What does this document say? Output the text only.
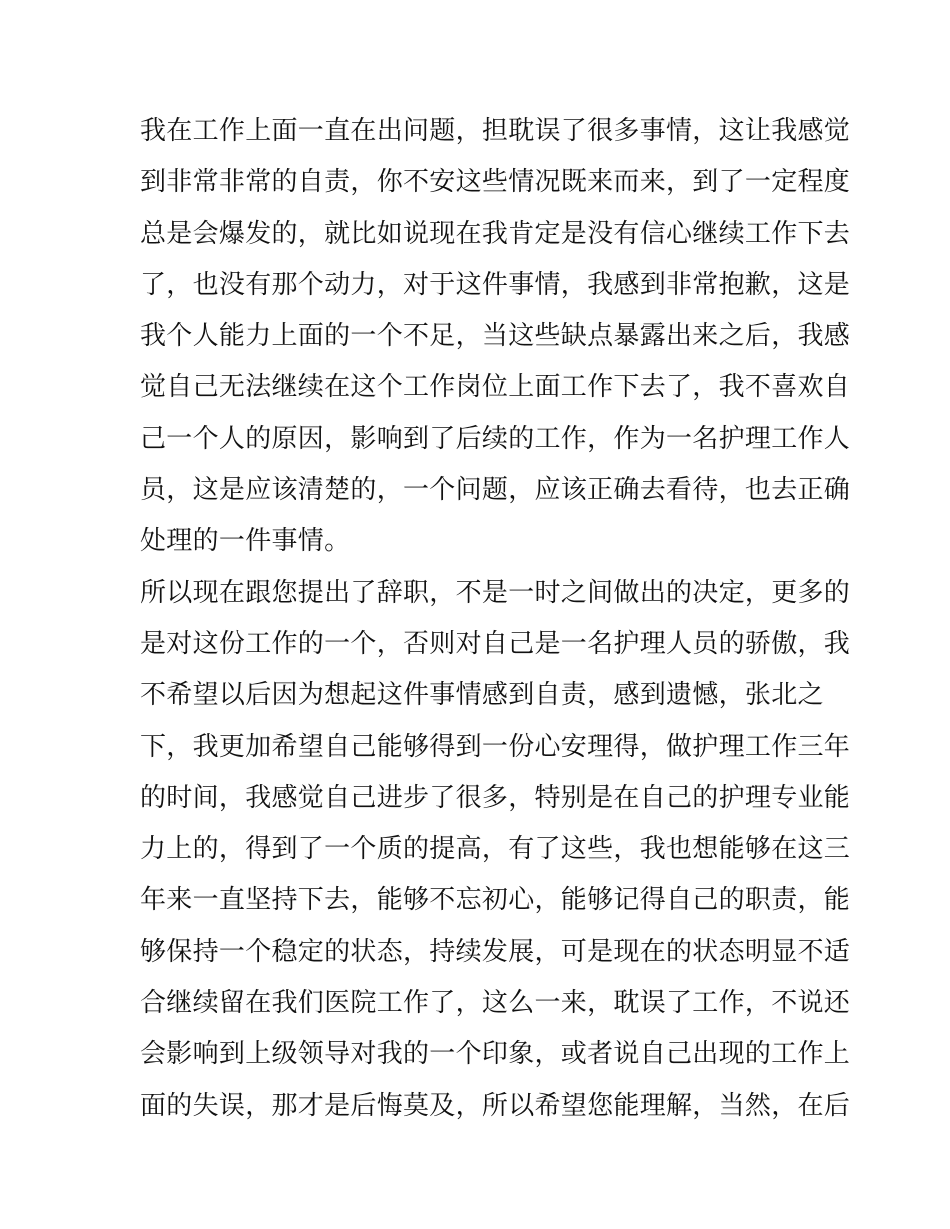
我在工作上面一直在出问题，担耽误了很多事情，这让我感觉
到非常非常的自责，你不安这些情况既来而来，到了一定程度
总是会爆发的，就比如说现在我肯定是没有信心继续工作下去
了，也没有那个动力，对于这件事情，我感到非常抱歉，这是
我个人能力上面的一个不足，当这些缺点暴露出来之后，我感
觉自己无法继续在这个工作岗位上面工作下去了，我不喜欢自
己一个人的原因，影响到了后续的工作，作为一名护理工作人
员，这是应该清楚的，一个问题，应该正确去看待，也去正确
处理的一件事情。
所以现在跟您提出了辞职，不是一时之间做出的决定，更多的
是对这份工作的一个，否则对自己是一名护理人员的骄傲，我
不希望以后因为想起这件事情感到自责，感到遗憾，张北之
下，我更加希望自己能够得到一份心安理得，做护理工作三年
的时间，我感觉自己进步了很多，特别是在自己的护理专业能
力上的，得到了一个质的提高，有了这些，我也想能够在这三
年来一直坚持下去，能够不忘初心，能够记得自己的职责，能
够保持一个稳定的状态，持续发展，可是现在的状态明显不适
合继续留在我们医院工作了，这么一来，耽误了工作，不说还
会影响到上级领导对我的一个印象，或者说自己出现的工作上
面的失误，那才是后悔莫及，所以希望您能理解，当然，在后
